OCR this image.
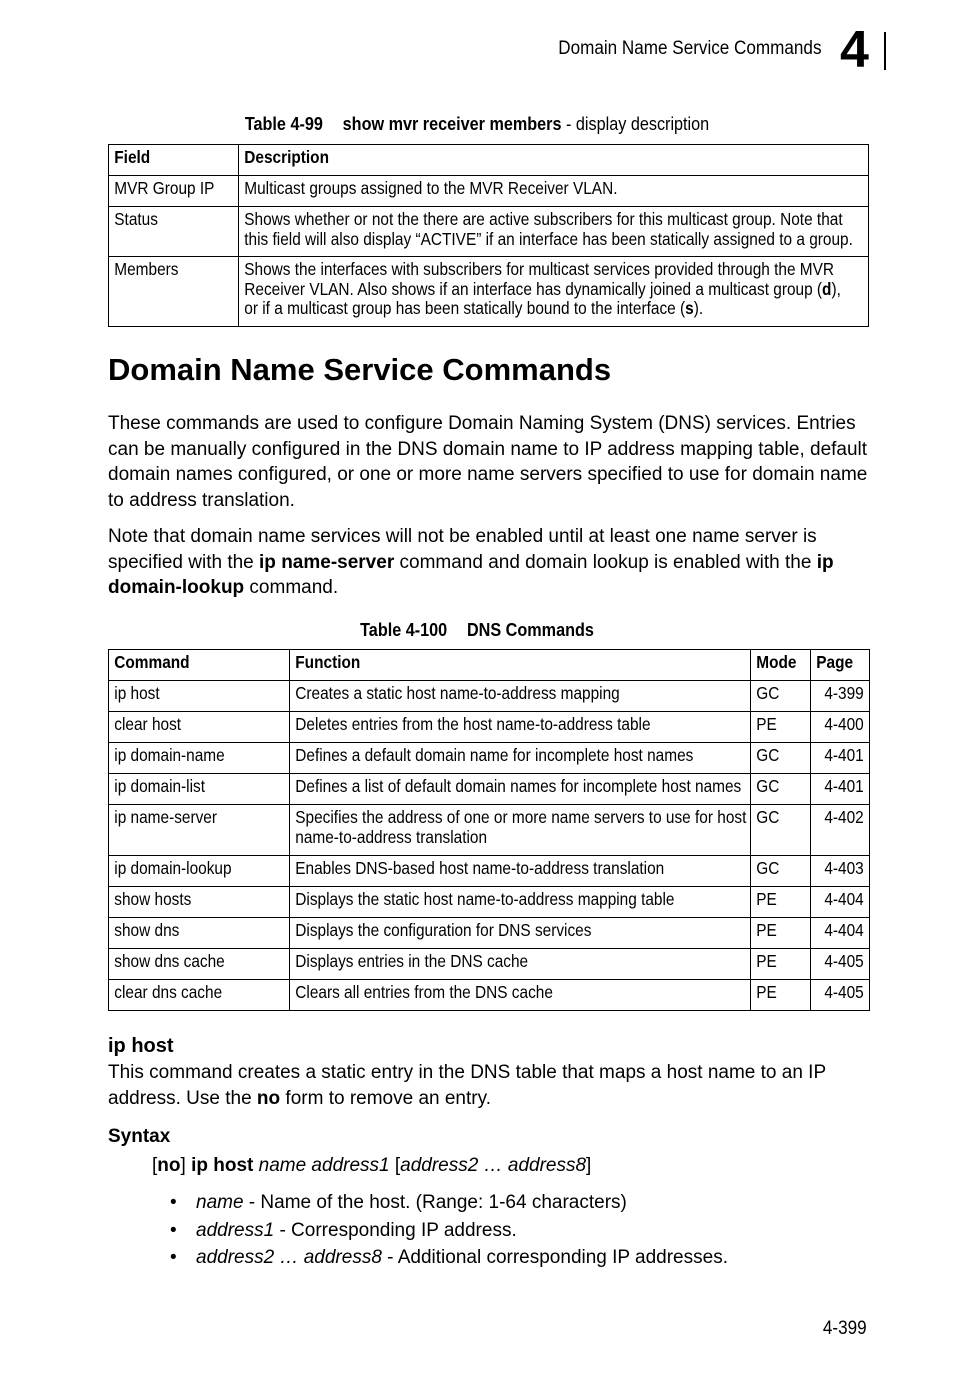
Domain Name Service Commands 4
Table 4-99 show mvr receiver members - display description
Field	Description

MVR Group IP	Multicast groups assigned to the MVR Receiver VLAN.

Status	Shows whether or not the there are active subscribers for this multicast group. Note that
this field will also display “ACTIVE” if an interface has been statically assigned to a group.

Members	Shows the interfaces with subscribers for multicast services provided through the MVR
Receiver VLAN. Also shows if an interface has dynamically joined a multicast group (d),
or if a multicast group has been statically bound to the interface (s).
Domain Name Service Commands

These commands are used to configure Domain Naming System (DNS) services. Entries can be manually configured in the DNS domain name to IP address mapping table, default domain names configured, or one or more name servers specified to use for domain name to address translation.

Note that domain name services will not be enabled until at least one name server is specified with the ip name-server command and domain lookup is enabled with the ip domain-lookup command.

Table 4-100 DNS Commands
Command	Function	Mode	Page

ip host	Creates a static host name-to-address mapping	GC	4-399

clear host	Deletes entries from the host name-to-address table	PE	4-400

ip domain-name	Defines a default domain name for incomplete host names	GC	4-401

ip domain-list	Defines a list of default domain names for incomplete host names	GC	4-401

ip name-server	Specifies the address of one or more name servers to use for host
name-to-address translation	GC	4-402

ip domain-lookup	Enables DNS-based host name-to-address translation	GC	4-403

show hosts	Displays the static host name-to-address mapping table	PE	4-404

show dns	Displays the configuration for DNS services	PE	4-404

show dns cache	Displays entries in the DNS cache	PE	4-405

clear dns cache	Clears all entries from the DNS cache	PE	4-405
ip host

This command creates a static entry in the DNS table that maps a host name to an IP address. Use the no form to remove an entry.

Syntax
[no] ip host name address1 [address2 … address8]
• name - Name of the host. (Range: 1-64 characters)
• address1 - Corresponding IP address.
• address2 … address8 - Additional corresponding IP addresses.
4-399
